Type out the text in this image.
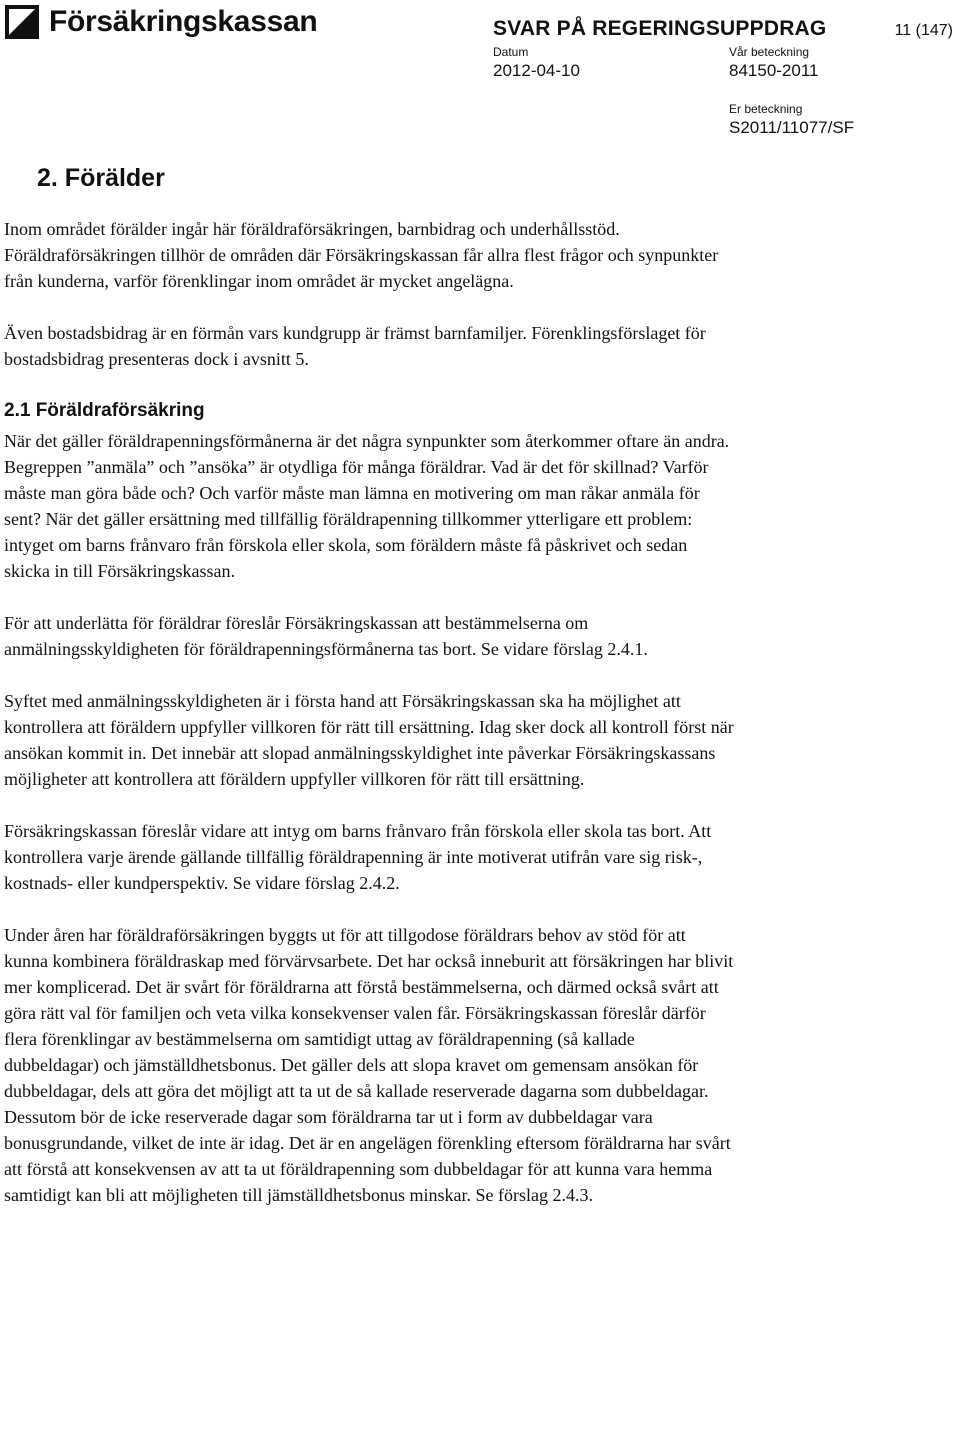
Försäkringskassan	SVAR PÅ REGERINGSUPPDRAG	11 (147)
Datum
2012-04-10
Vår beteckning
84150-2011
Er beteckning
S2011/11077/SF
2. Förälder

Inom området förälder ingår här föräldraförsäkringen, barnbidrag och underhållsstöd. Föräldraförsäkringen tillhör de områden där Försäkringskassan får allra flest frågor och synpunkter från kunderna, varför förenklingar inom området är mycket angelägna.

Även bostadsbidrag är en förmån vars kundgrupp är främst barnfamiljer. Förenklingsförslaget för bostadsbidrag presenteras dock i avsnitt 5.

2.1 Föräldraförsäkring

När det gäller föräldrapenningsförmånerna är det några synpunkter som återkommer oftare än andra. Begreppen ”anmäla” och ”ansöka” är otydliga för många föräldrar. Vad är det för skillnad? Varför måste man göra både och? Och varför måste man lämna en motivering om man råkar anmäla för sent? När det gäller ersättning med tillfällig föräldrapenning tillkommer ytterligare ett problem: intyget om barns frånvaro från förskola eller skola, som föräldern måste få påskrivet och sedan skicka in till Försäkringskassan.

För att underlätta för föräldrar föreslår Försäkringskassan att bestämmelserna om anmälningsskyldigheten för föräldrapenningsförmånerna tas bort. Se vidare förslag 2.4.1.

Syftet med anmälningsskyldigheten är i första hand att Försäkringskassan ska ha möjlighet att kontrollera att föräldern uppfyller villkoren för rätt till ersättning. Idag sker dock all kontroll först när ansökan kommit in. Det innebär att slopad anmälningsskyldighet inte påverkar Försäkringskassans möjligheter att kontrollera att föräldern uppfyller villkoren för rätt till ersättning.

Försäkringskassan föreslår vidare att intyg om barns frånvaro från förskola eller skola tas bort. Att kontrollera varje ärende gällande tillfällig föräldrapenning är inte motiverat utifrån vare sig risk-, kostnads- eller kundperspektiv. Se vidare förslag 2.4.2.

Under åren har föräldraförsäkringen byggts ut för att tillgodose föräldrars behov av stöd för att kunna kombinera föräldraskap med förvärvsarbete. Det har också inneburit att försäkringen har blivit mer komplicerad. Det är svårt för föräldrarna att förstå bestämmelserna, och därmed också svårt att göra rätt val för familjen och veta vilka konsekvenser valen får. Försäkringskassan föreslår därför flera förenklingar av bestämmelserna om samtidigt uttag av föräldrapenning (så kallade dubbeldagar) och jämställdhetsbonus. Det gäller dels att slopa kravet om gemensam ansökan för dubbeldagar, dels att göra det möjligt att ta ut de så kallade reserverade dagarna som dubbeldagar. Dessutom bör de icke reserverade dagar som föräldrarna tar ut i form av dubbeldagar vara bonusgrundande, vilket de inte är idag. Det är en angelägen förenkling eftersom föräldrarna har svårt att förstå att konsekvensen av att ta ut föräldrapenning som dubbeldagar för att kunna vara hemma samtidigt kan bli att möjligheten till jämställdhetsbonus minskar. Se förslag 2.4.3.
